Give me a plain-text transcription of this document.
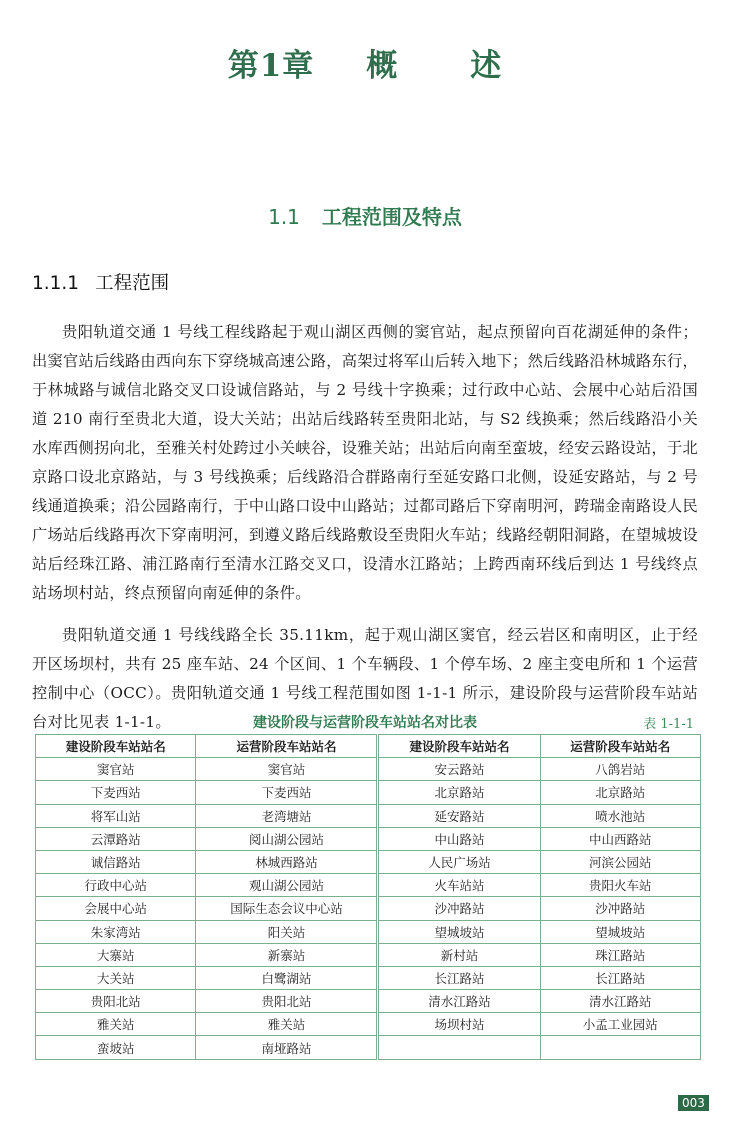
第1章 概 述
1.1 工程范围及特点
1.1.1 工程范围

贵阳轨道交通 1 号线工程线路起于观山湖区西侧的窦官站，起点预留向百花湖延伸的条件；出窦官站后线路由西向东下穿绕城高速公路，高架过将军山后转入地下；然后线路沿林城路东行，于林城路与诚信北路交叉口设诚信路站，与 2 号线十字换乘；过行政中心站、会展中心站后沿国道 210 南行至贵北大道，设大关站；出站后线路转至贵阳北站，与 S2 线换乘；然后线路沿小关水库西侧拐向北，至雅关村处跨过小关峡谷，设雅关站；出站后向南至蛮坡，经安云路设站，于北京路口设北京路站，与 3 号线换乘；后线路沿合群路南行至延安路口北侧，设延安路站，与 2 号线通道换乘；沿公园路南行，于中山路口设中山路站；过都司路后下穿南明河，跨瑞金南路设人民广场站后线路再次下穿南明河，到遵义路后线路敷设至贵阳火车站；线路经朝阳洞路，在望城坡设站后经珠江路、浦江路南行至清水江路交叉口，设清水江路站；上跨西南环线后到达 1 号线终点站场坝村站，终点预留向南延伸的条件。

贵阳轨道交通 1 号线线路全长 35.11km，起于观山湖区窦官，经云岩区和南明区，止于经开区场坝村，共有 25 座车站、24 个区间、1 个车辆段、1 个停车场、2 座主变电所和 1 个运营控制中心（OCC）。贵阳轨道交通 1 号线工程范围如图 1-1-1 所示，建设阶段与运营阶段车站站台对比见表 1-1-1。	建设阶段与运营阶段车站站名对比表	表 1-1-1
建设阶段车站站名	运营阶段车站站名	建设阶段车站站名	运营阶段车站站名
窦官站	窦官站	安云路站	八鸽岩站
下麦西站	下麦西站	北京路站	北京路站
将军山站	老湾塘站	延安路站	喷水池站
云潭路站	阅山湖公园站	中山路站	中山西路站
诚信路站	林城西路站	人民广场站	河滨公园站
行政中心站	观山湖公园站	火车站站	贵阳火车站
会展中心站	国际生态会议中心站	沙冲路站	沙冲路站
朱家湾站	阳关站	望城坡站	望城坡站
大寨站	新寨站	新村站	珠江路站
大关站	白鹭湖站	长江路站	长江路站
贵阳北站	贵阳北站	清水江路站	清水江路站
雅关站	雅关站	场坝村站	小孟工业园站
蛮坡站	南垭路站		
003
